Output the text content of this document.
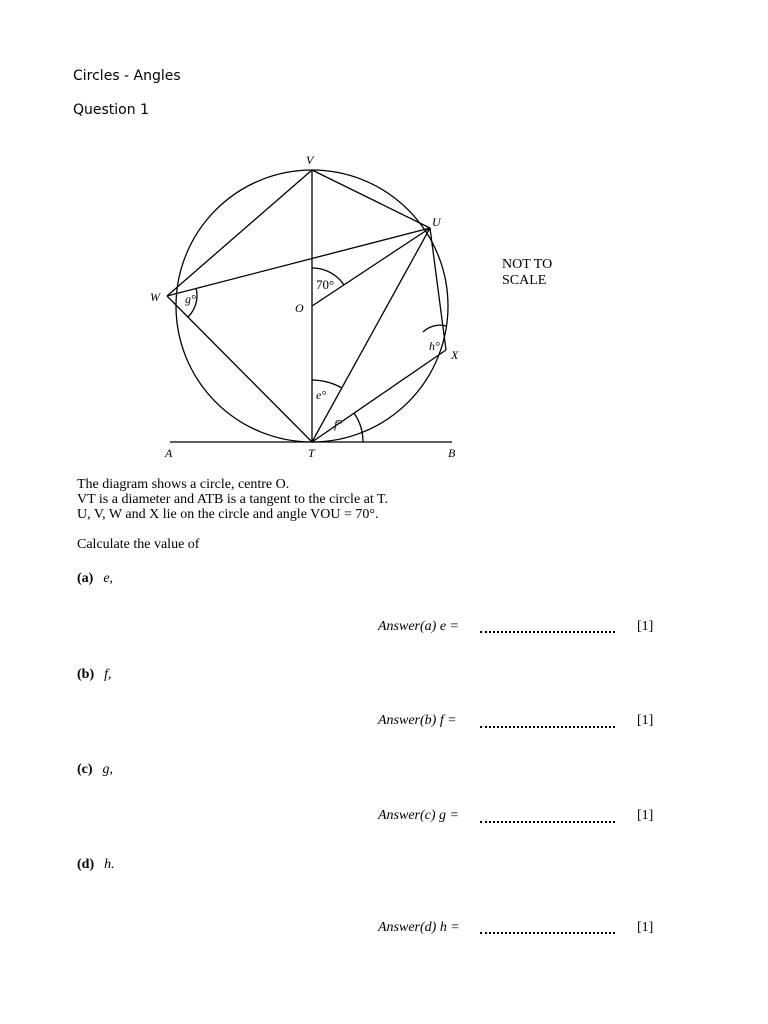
Circles - Angles
Question 1
V
U
W
O
X
A	T	B
g°
h°
e°
f°
70°
NOT TO
SCALE
The diagram shows a circle, centre O.
VT is a diameter and ATB is a tangent to the circle at T.
U, V, W and X lie on the circle and angle VOU = 70°.
Calculate the value of
(a) e,
Answer(a) e =	[1]
(b) f,
Answer(b) f =	[1]
(c) g,
Answer(c) g =	[1]
(d) h.
Answer(d) h =	[1]
